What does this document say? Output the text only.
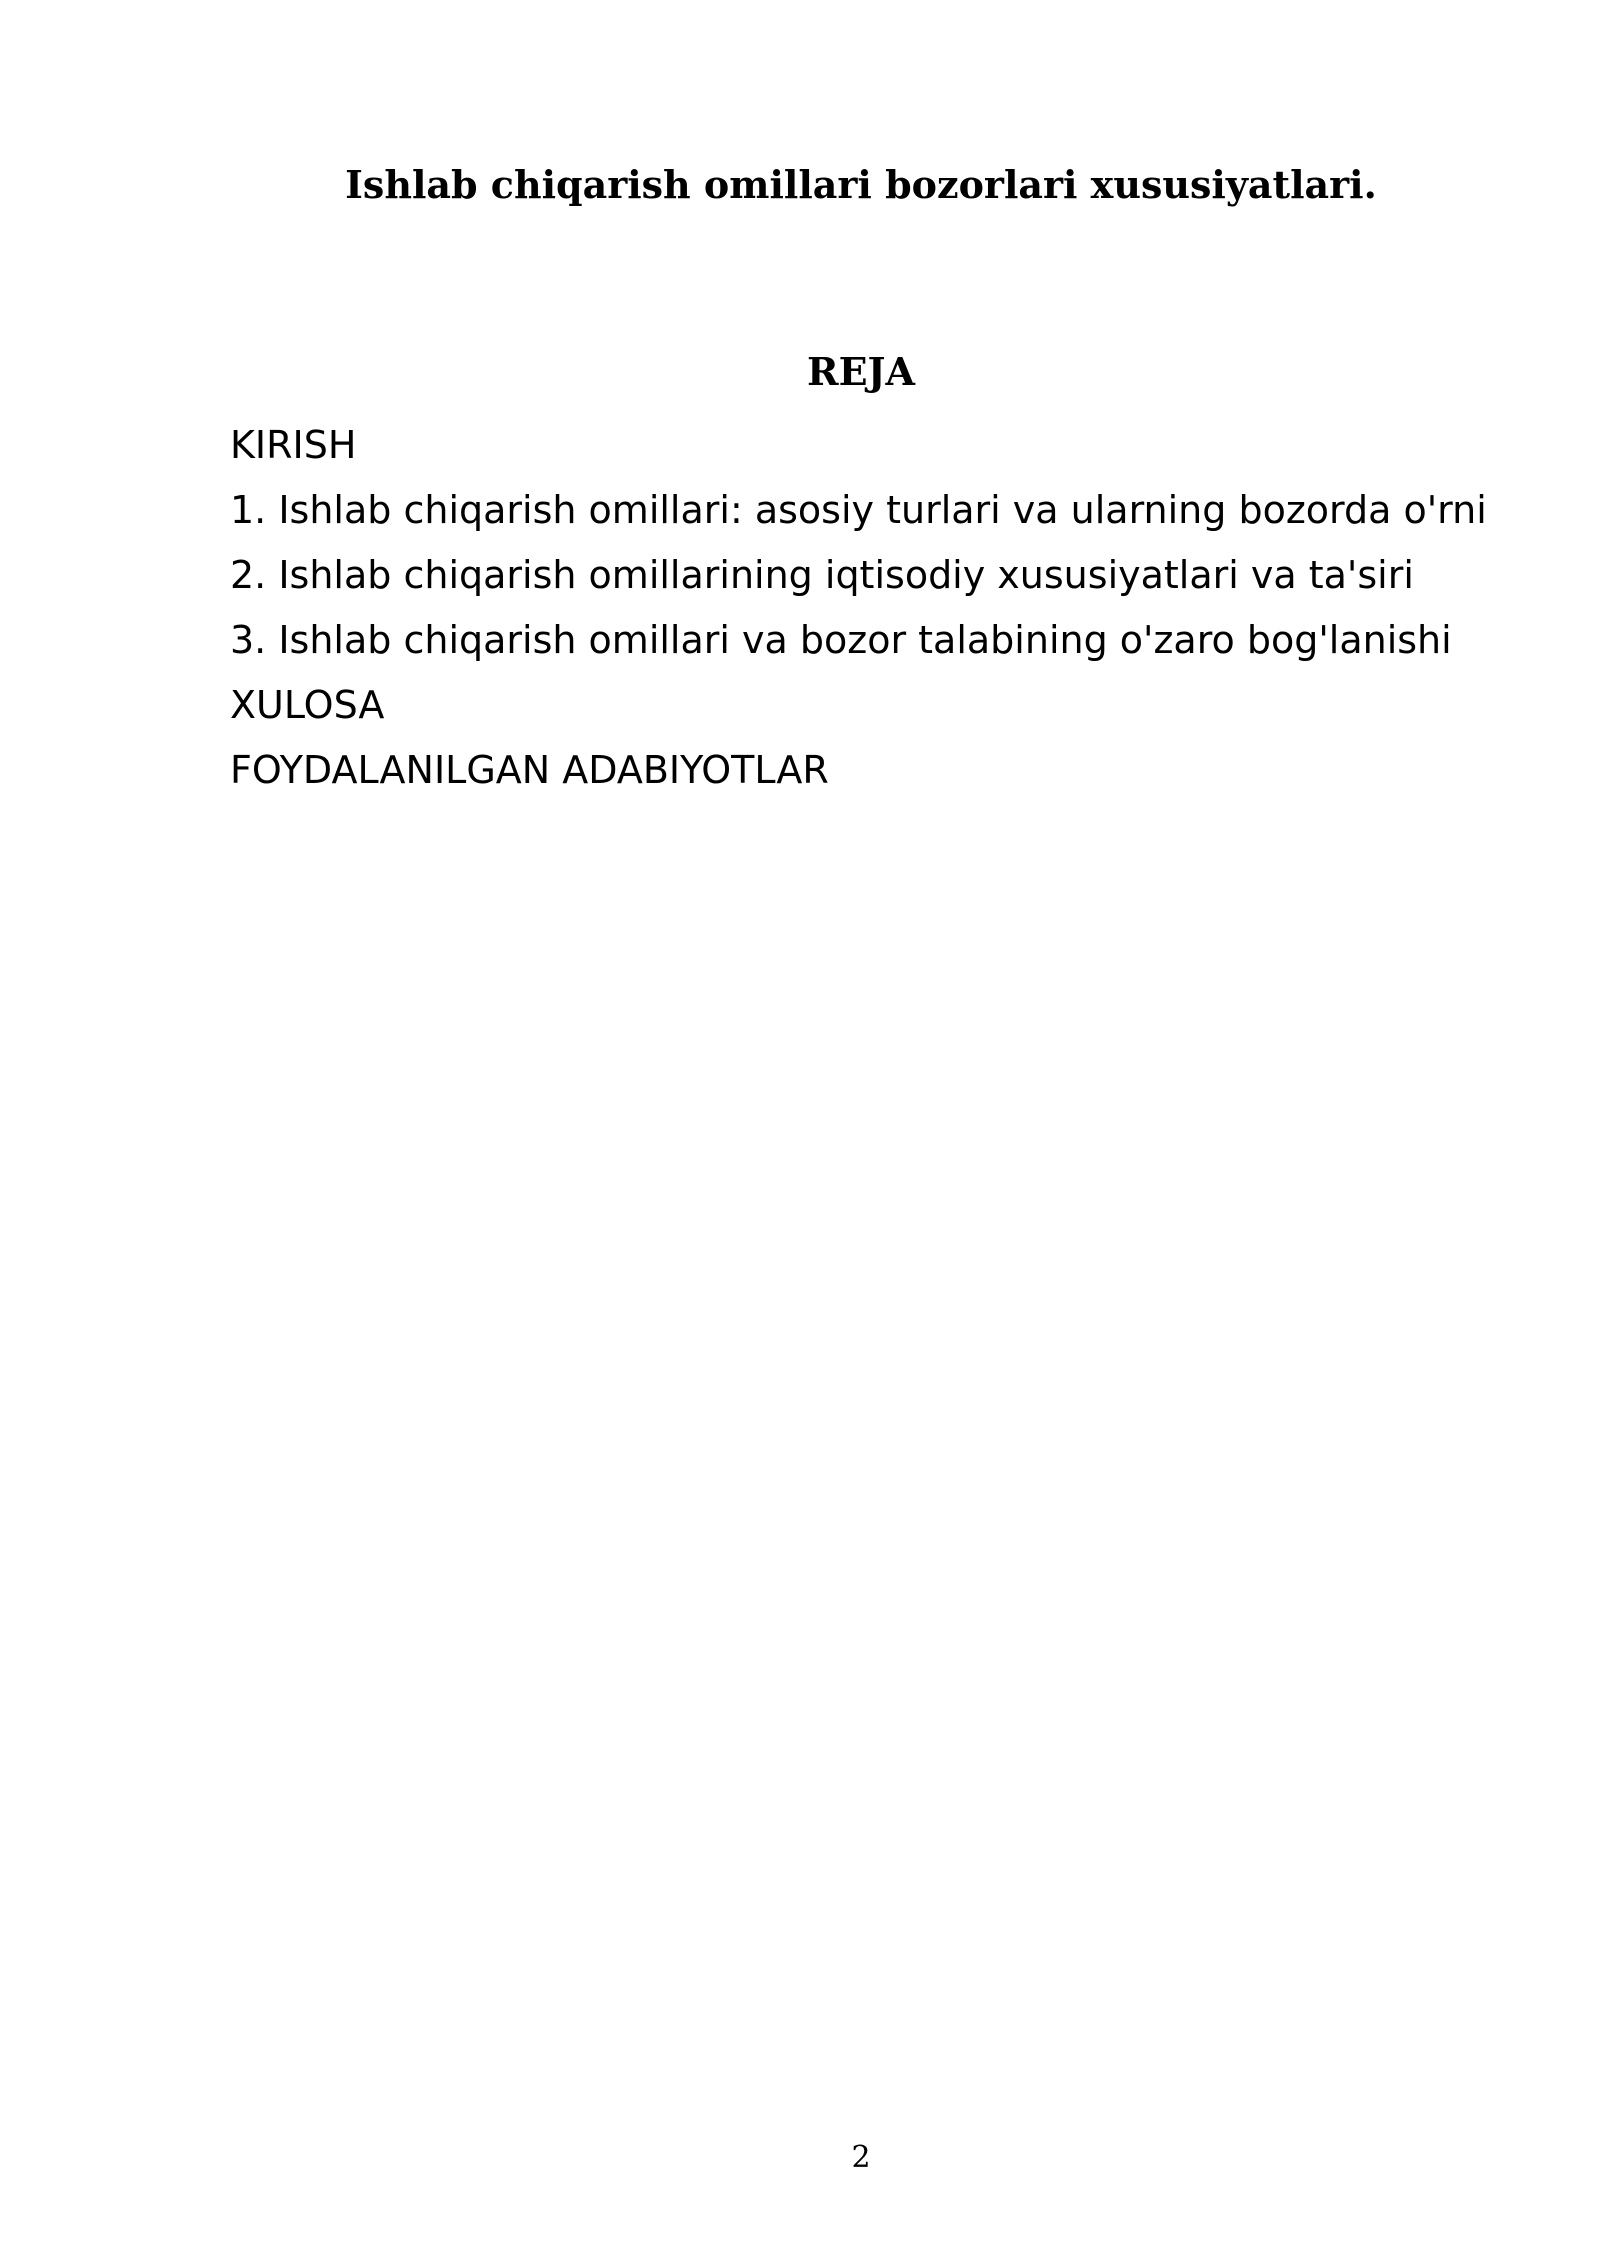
Ishlab chiqarish omillari bozorlari xususiyatlari.
REJA
KIRISH
1. Ishlab chiqarish omillari: asosiy turlari va ularning bozorda o'rni
2. Ishlab chiqarish omillarining iqtisodiy xususiyatlari va ta'siri
3. Ishlab chiqarish omillari va bozor talabining o'zaro bog'lanishi
XULOSA
FOYDALANILGAN ADABIYOTLAR
2
